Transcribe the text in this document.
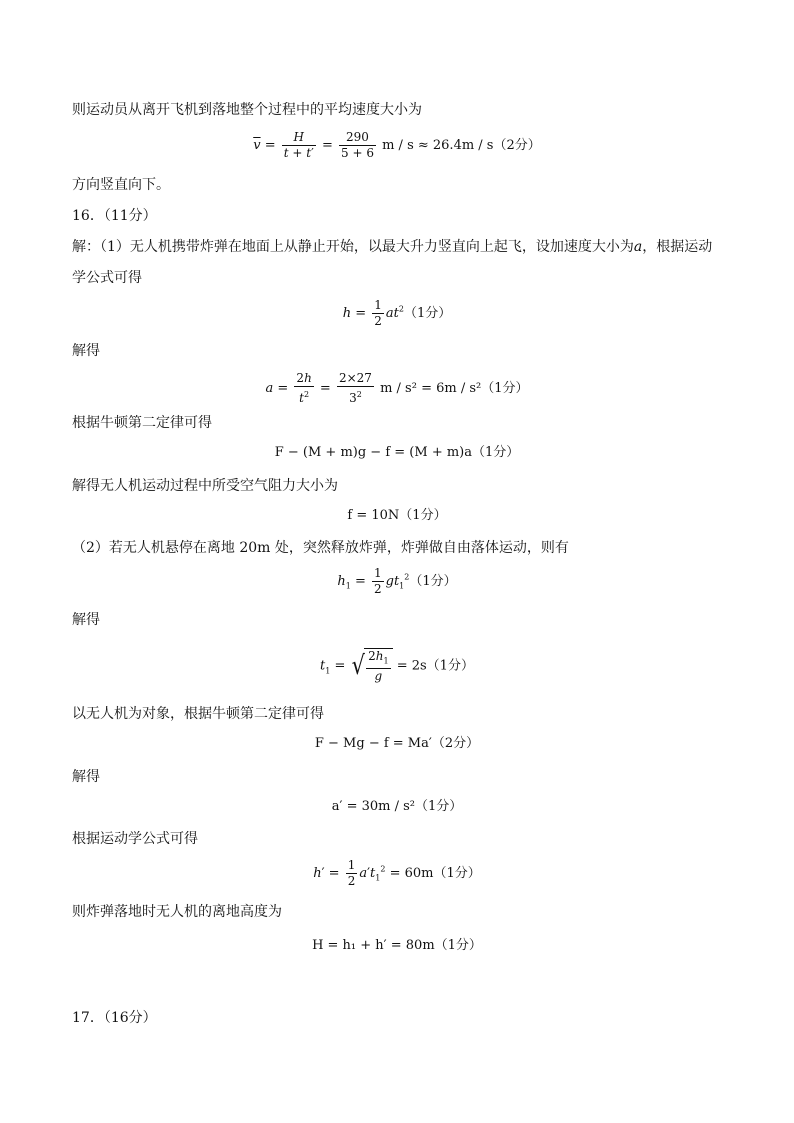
则运动员从离开飞机到落地整个过程中的平均速度大小为
$\overline{v} = \frac{H}{t + t'} = \frac{290}{5 + 6}$ m / s ≈ 26.4m / s（2分）
方向竖直向下。
16．（11分）
解：（1）无人机携带炸弹在地面上从静止开始，以最大升力竖直向上起飞，设加速度大小为a，根据运动
学公式可得
$h = \frac{1}{2} at^2(1$分）
解得
$a = \frac{2h}{t^2} = \frac{2\times 27}{3^2}$ m / s² = 6m / s²（1分）
根据牛顿第二定律可得
F − (M + m)g − f = (M + m)a（1分）
解得无人机运动过程中所受空气阻力大小为
f = 10N（1分）
（2）若无人机悬停在离地 20m 处，突然释放炸弹，炸弹做自由落体运动，则有
$h_1 = \frac{1}{2} gt_1^2(1$分）
解得
$t_1$ = √ $\frac{2h_1}{g} = 2s(1$分）
以无人机为对象，根据牛顿第二定律可得
F − Mg − f = Ma′（2分）
解得
a′ = 30m / s²（1分）
根据运动学公式可得
$h' = \frac{1}{2} a't_1^2 = 60m(1$分）
则炸弹落地时无人机的离地高度为
H = h₁ + h′ = 80m（1分）
17．（16分）
